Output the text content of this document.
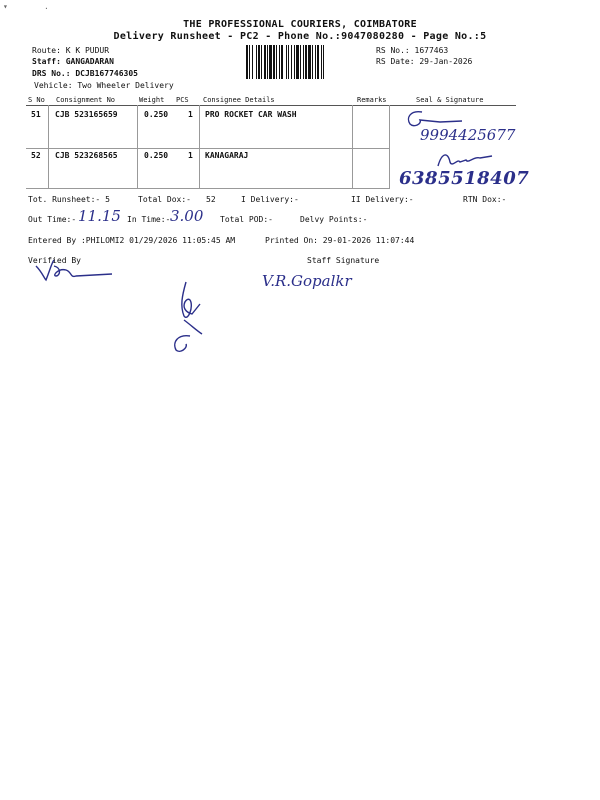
▾	·
THE PROFESSIONAL COURIERS, COIMBATORE
Delivery Runsheet - PC2 - Phone No.:9047080280 - Page No.:5
Route: K K PUDUR
Staff: GANGADARAN
DRS No.: DCJB167746305
Vehicle: Two Wheeler Delivery
RS No.: 1677463
RS Date: 29-Jan-2026
S No Consignment No	Weight PCS Consignee Details	Remarks	Seal & Signature
51 CJB 523165659	0.250 1 PRO ROCKET CAR WASH
9994425677
52 CJB 523268565	0.250 1 KANAGARAJ
6385518407
Tot. Runsheet:- 5	Total Dox:- 52	I Delivery:-	II Delivery:-	RTN Dox:-
Out Time:- 11.15 In Time:- 3.00 Total POD:-	Delvy Points:-
Entered By :PHILOMI2 01/29/2026 11:05:45 AM	Printed On: 29-01-2026 11:07:44
Verified By	Staff Signature
V.R.Gopalkr
